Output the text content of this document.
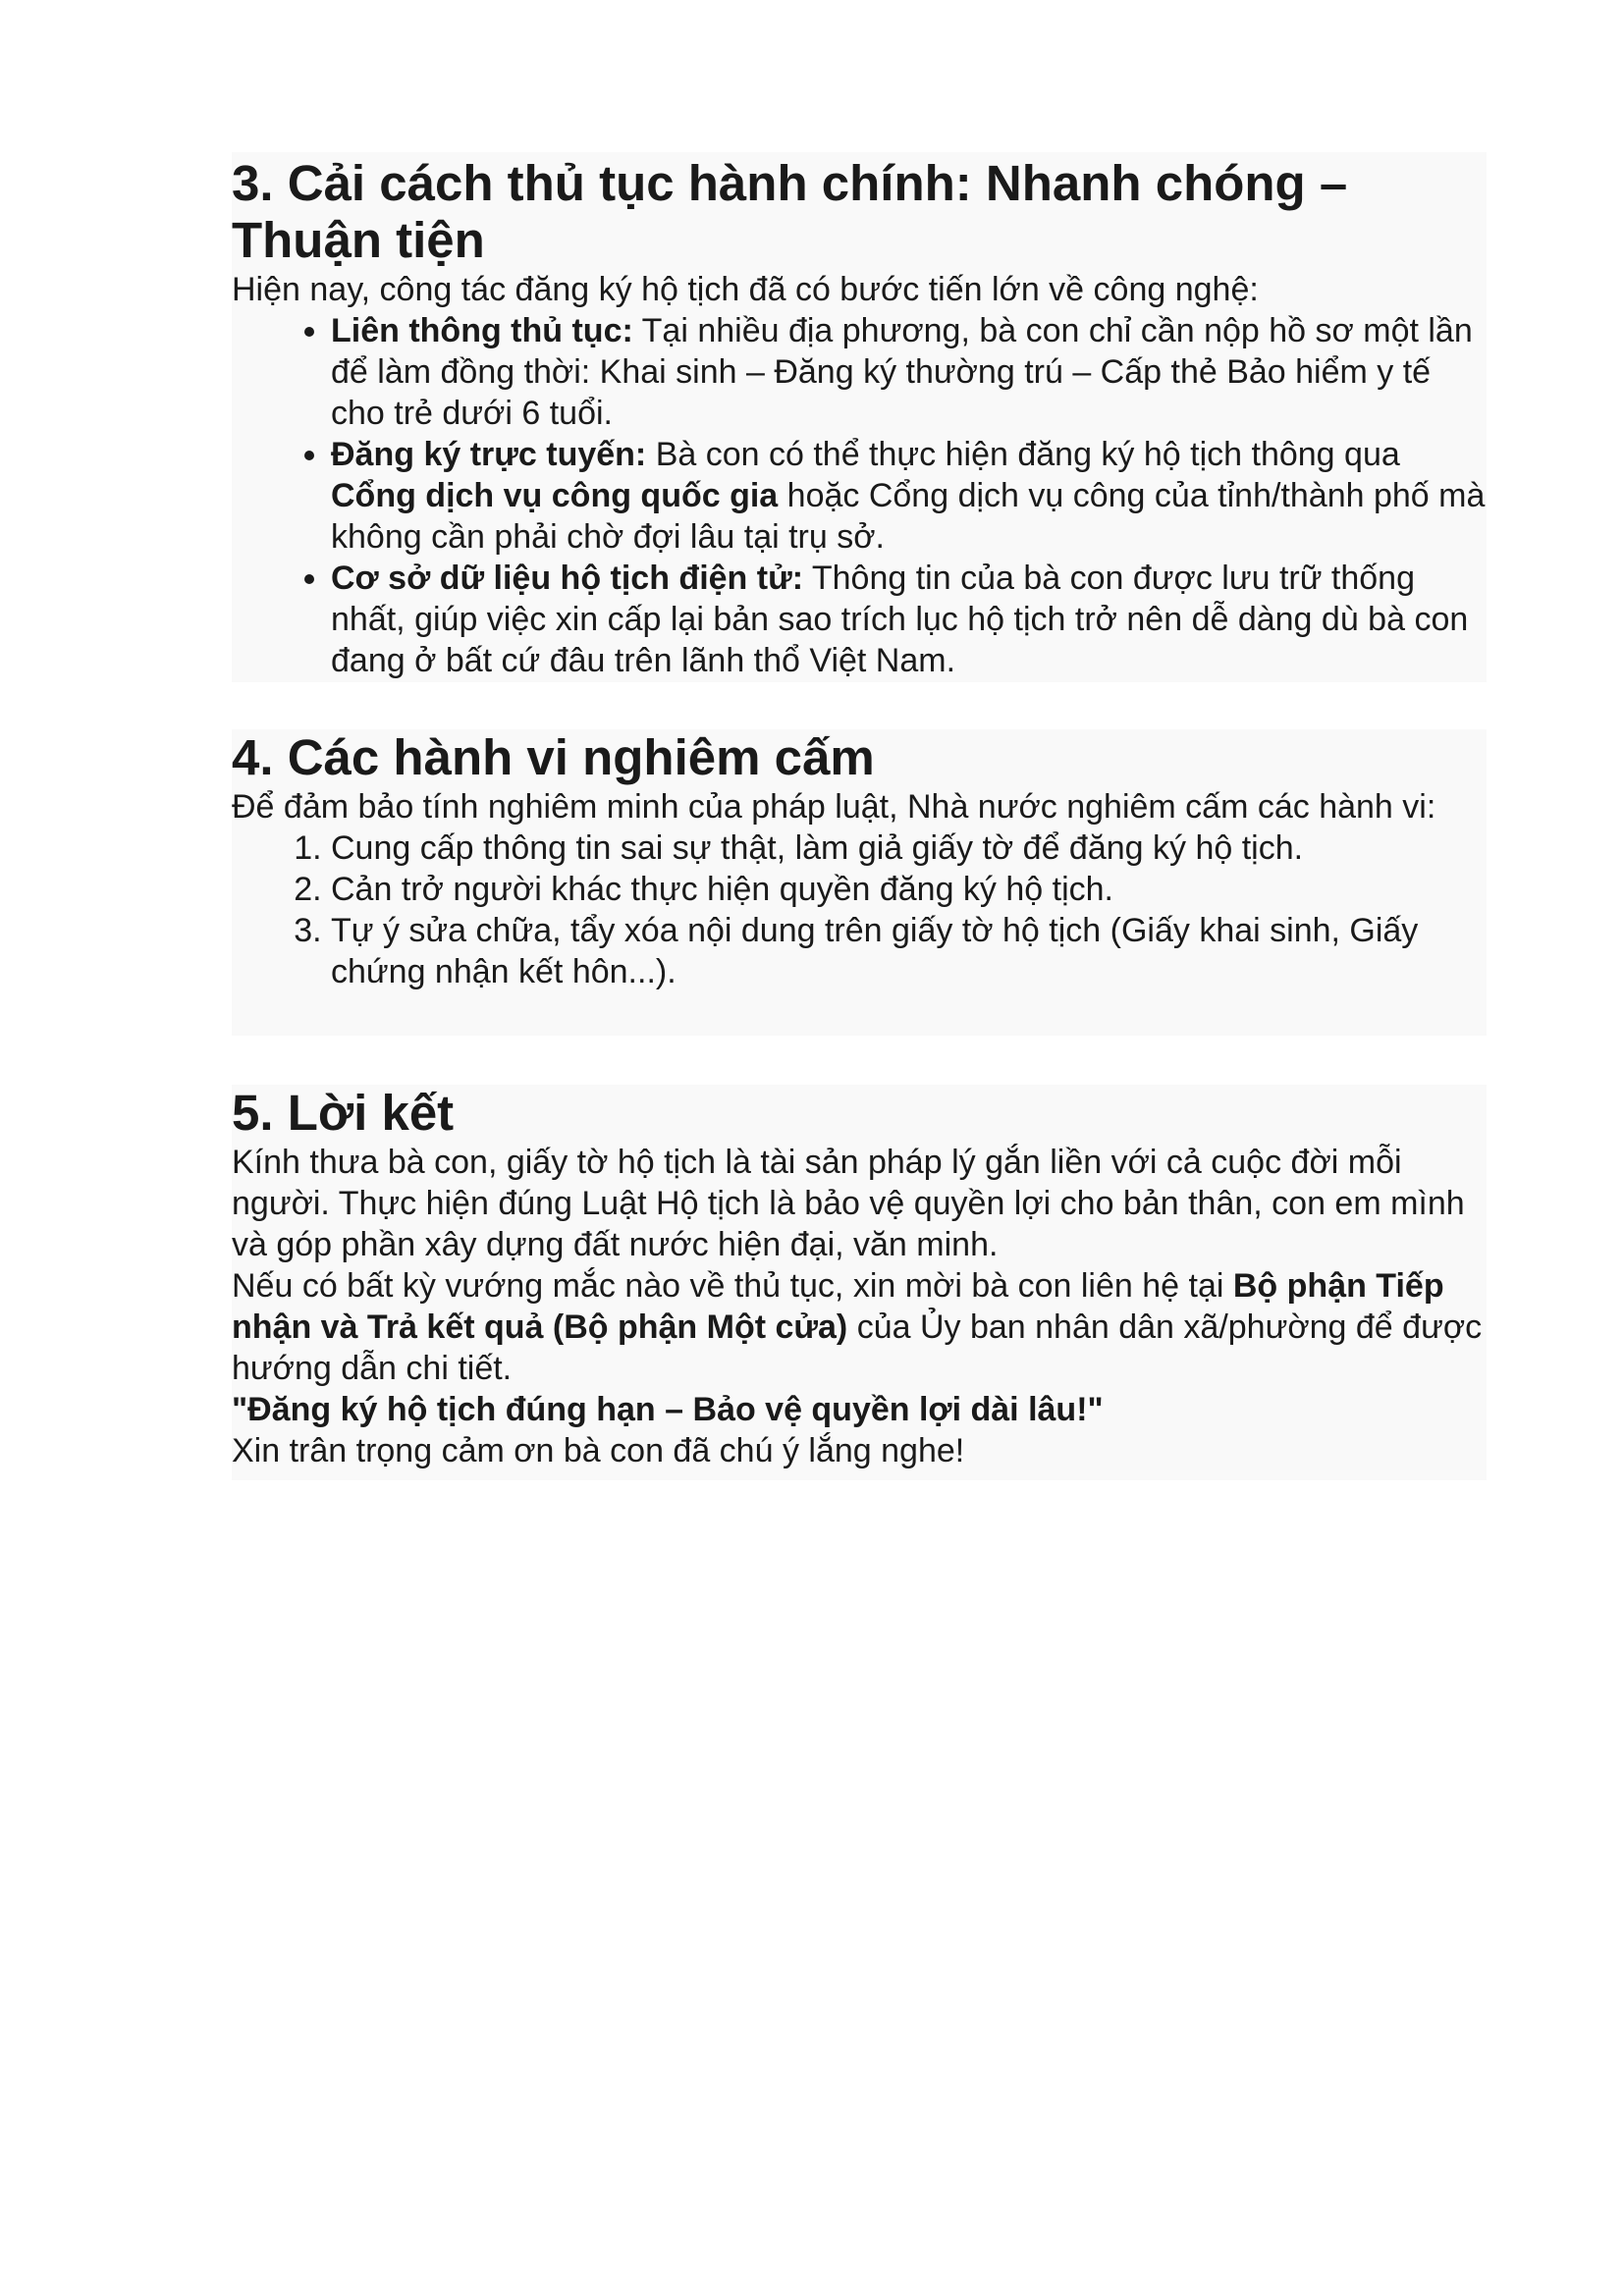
3. Cải cách thủ tục hành chính: Nhanh chóng – Thuận tiện

Hiện nay, công tác đăng ký hộ tịch đã có bước tiến lớn về công nghệ:

• Liên thông thủ tục: Tại nhiều địa phương, bà con chỉ cần nộp hồ sơ một lần để làm đồng thời: Khai sinh – Đăng ký thường trú – Cấp thẻ Bảo hiểm y tế cho trẻ dưới 6 tuổi.
• Đăng ký trực tuyến: Bà con có thể thực hiện đăng ký hộ tịch thông qua Cổng dịch vụ công quốc gia hoặc Cổng dịch vụ công của tỉnh/thành phố mà không cần phải chờ đợi lâu tại trụ sở.
• Cơ sở dữ liệu hộ tịch điện tử: Thông tin của bà con được lưu trữ thống nhất, giúp việc xin cấp lại bản sao trích lục hộ tịch trở nên dễ dàng dù bà con đang ở bất cứ đâu trên lãnh thổ Việt Nam.
4. Các hành vi nghiêm cấm

Để đảm bảo tính nghiêm minh của pháp luật, Nhà nước nghiêm cấm các hành vi:

1. Cung cấp thông tin sai sự thật, làm giả giấy tờ để đăng ký hộ tịch.
2. Cản trở người khác thực hiện quyền đăng ký hộ tịch.
3. Tự ý sửa chữa, tẩy xóa nội dung trên giấy tờ hộ tịch (Giấy khai sinh, Giấy chứng nhận kết hôn...).
5. Lời kết

Kính thưa bà con, giấy tờ hộ tịch là tài sản pháp lý gắn liền với cả cuộc đời mỗi người. Thực hiện đúng Luật Hộ tịch là bảo vệ quyền lợi cho bản thân, con em mình và góp phần xây dựng đất nước hiện đại, văn minh.

Nếu có bất kỳ vướng mắc nào về thủ tục, xin mời bà con liên hệ tại Bộ phận Tiếp nhận và Trả kết quả (Bộ phận Một cửa) của Ủy ban nhân dân xã/phường để được hướng dẫn chi tiết.

"Đăng ký hộ tịch đúng hạn – Bảo vệ quyền lợi dài lâu!"

Xin trân trọng cảm ơn bà con đã chú ý lắng nghe!
